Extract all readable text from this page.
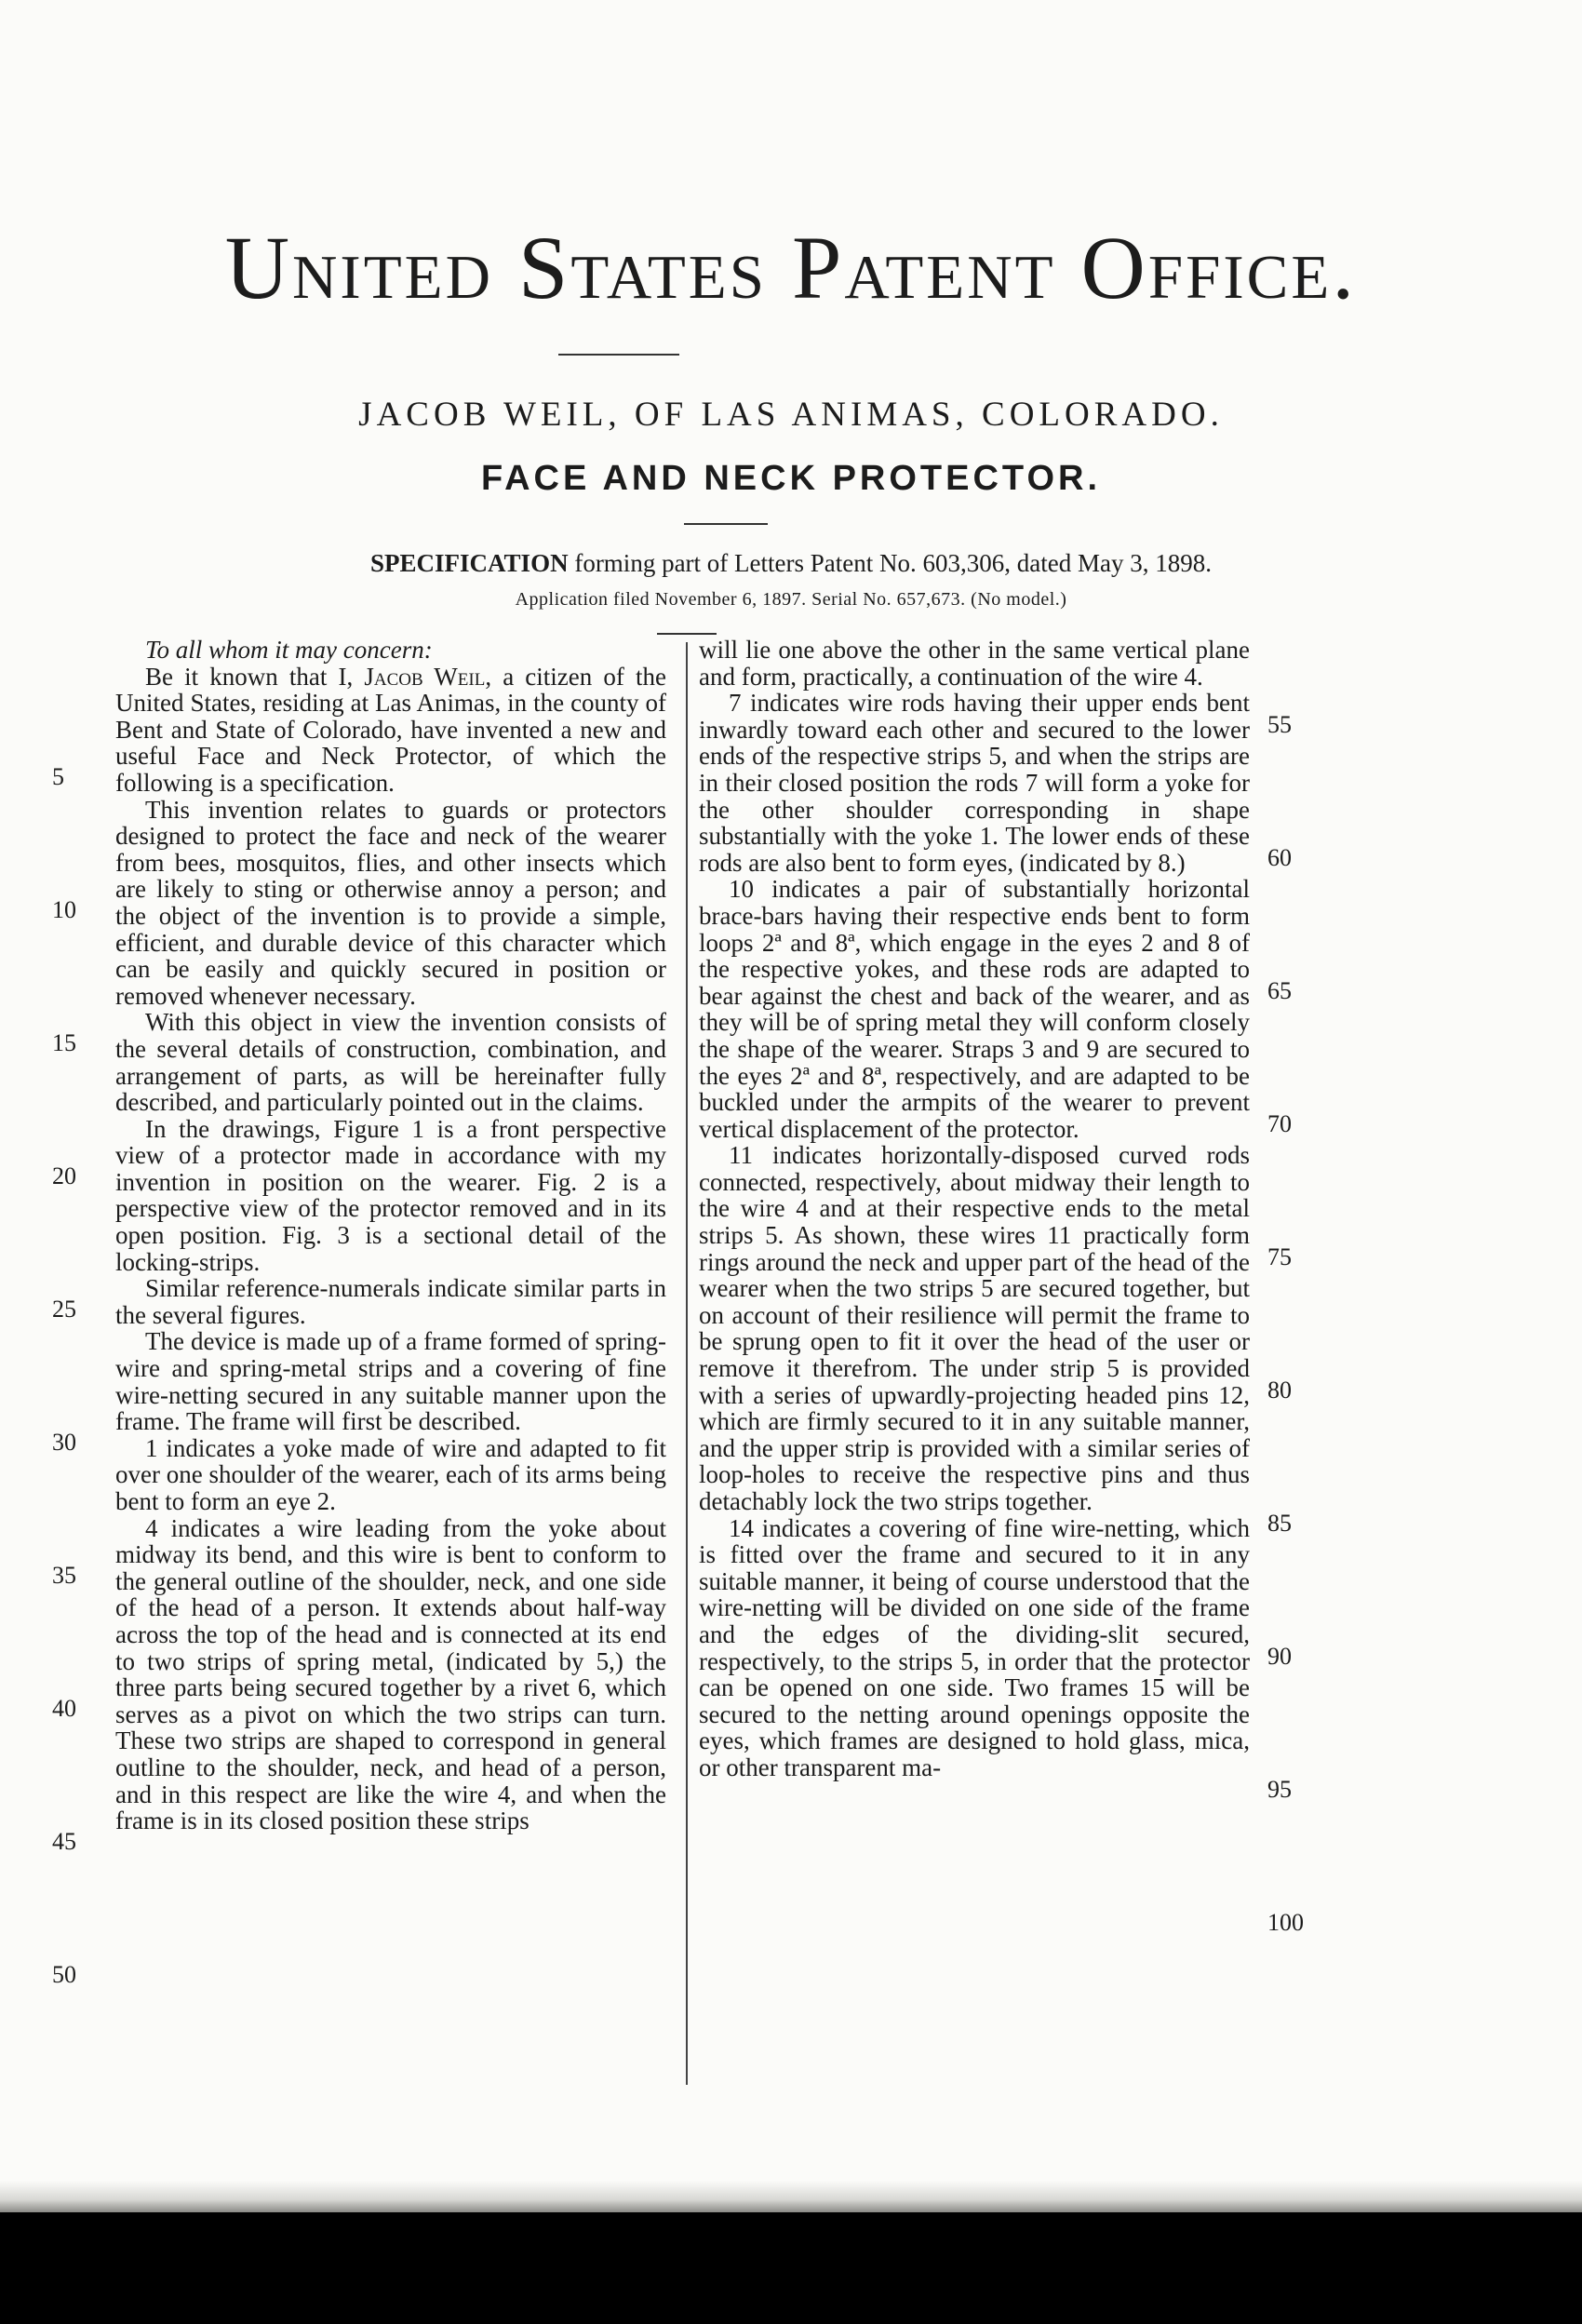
United States Patent Office.
JACOB WEIL, OF LAS ANIMAS, COLORADO.
FACE AND NECK PROTECTOR.
SPECIFICATION forming part of Letters Patent No. 603,306, dated May 3, 1898.
Application filed November 6, 1897. Serial No. 657,673. (No model.)

To all whom it may concern:

Be it known that I, Jacob Weil, a citizen of the United States, residing at Las Animas, in the county of Bent and State of Colorado, have invented a new and useful Face and Neck Protector, of which the following is a specification.

This invention relates to guards or protectors designed to protect the face and neck of the wearer from bees, mosquitos, flies, and other insects which are likely to sting or otherwise annoy a person; and the object of the invention is to provide a simple, efficient, and durable device of this character which can be easily and quickly secured in position or removed whenever necessary.

With this object in view the invention consists of the several details of construction, combination, and arrangement of parts, as will be hereinafter fully described, and particularly pointed out in the claims.

In the drawings, Figure 1 is a front perspective view of a protector made in accordance with my invention in position on the wearer. Fig. 2 is a perspective view of the protector removed and in its open position. Fig. 3 is a sectional detail of the locking-strips.

Similar reference-numerals indicate similar parts in the several figures.

The device is made up of a frame formed of spring-wire and spring-metal strips and a covering of fine wire-netting secured in any suitable manner upon the frame. The frame will first be described.

1 indicates a yoke made of wire and adapted to fit over one shoulder of the wearer, each of its arms being bent to form an eye 2.

4 indicates a wire leading from the yoke about midway its bend, and this wire is bent to conform to the general outline of the shoulder, neck, and one side of the head of a person. It extends about half-way across the top of the head and is connected at its end to two strips of spring metal, (indicated by 5,) the three parts being secured together by a rivet 6, which serves as a pivot on which the two strips can turn. These two strips are shaped to correspond in general outline to the shoulder, neck, and head of a person, and in this respect are like the wire 4, and when the frame is in its closed position these strips

will lie one above the other in the same vertical plane and form, practically, a continuation of the wire 4.

7 indicates wire rods having their upper ends bent inwardly toward each other and secured to the lower ends of the respective strips 5, and when the strips are in their closed position the rods 7 will form a yoke for the other shoulder corresponding in shape substantially with the yoke 1. The lower ends of these rods are also bent to form eyes, (indicated by 8.)

10 indicates a pair of substantially horizontal brace-bars having their respective ends bent to form loops 2ª and 8ª, which engage in the eyes 2 and 8 of the respective yokes, and these rods are adapted to bear against the chest and back of the wearer, and as they will be of spring metal they will conform closely the shape of the wearer. Straps 3 and 9 are secured to the eyes 2ª and 8ª, respectively, and are adapted to be buckled under the armpits of the wearer to prevent vertical displacement of the protector.

11 indicates horizontally-disposed curved rods connected, respectively, about midway their length to the wire 4 and at their respective ends to the metal strips 5. As shown, these wires 11 practically form rings around the neck and upper part of the head of the wearer when the two strips 5 are secured together, but on account of their resilience will permit the frame to be sprung open to fit it over the head of the user or remove it therefrom. The under strip 5 is provided with a series of upwardly-projecting headed pins 12, which are firmly secured to it in any suitable manner, and the upper strip is provided with a similar series of loop-holes to receive the respective pins and thus detachably lock the two strips together.

14 indicates a covering of fine wire-netting, which is fitted over the frame and secured to it in any suitable manner, it being of course understood that the wire-netting will be divided on one side of the frame and the edges of the dividing-slit secured, respectively, to the strips 5, in order that the protector can be opened on one side. Two frames 15 will be secured to the netting around openings opposite the eyes, which frames are designed to hold glass, mica, or other transparent ma-

5
10
15
20
25
30
35
40
45
50
55
60
65
70
75
80
85
90
95
100
